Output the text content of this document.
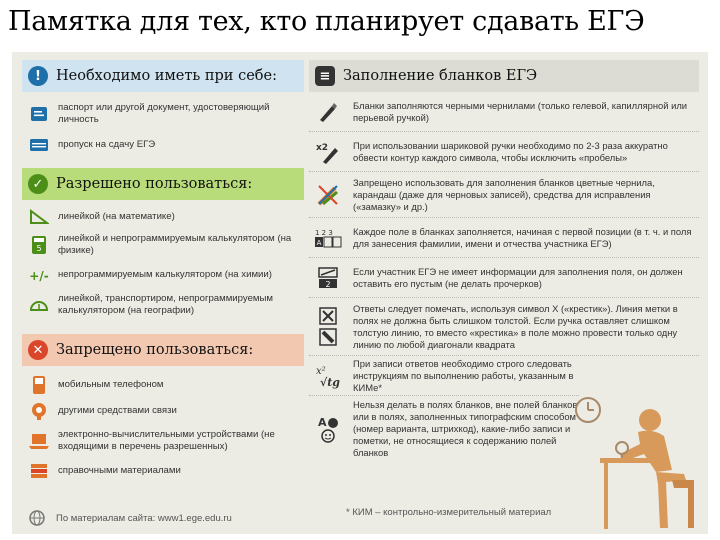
Памятка для тех, кто планирует сдавать ЕГЭ
!	Необходимо иметь при себе:
паспорт или другой документ, удостоверяющий личность
пропуск на сдачу ЕГЭ
✓ Разрешено пользоваться:
линейкой (на математике)
5
линейкой и непрограммируемым калькулятором (на физике)
+/- непрограммируемым калькулятором (на химии)
линейкой, транспортиром, непрограммируемым калькулятором (на географии)
✕ Запрещено пользоваться:
мобильным телефоном
другими средствами связи
электронно-вычислительными устройствами (не входящими в перечень разрешенных)
справочными материалами
По материалам сайта: www1.ege.edu.ru
≡ Заполнение бланков ЕГЭ
Бланки заполняются черными чернилами (только гелевой, капиллярной или перьевой ручкой)
x2	При использовании шариковой ручки необходимо по 2-3 раза аккуратно обвести контур каждого символа, чтобы исключить «пробелы»
Запрещено использовать для заполнения бланков цветные чернила, карандаш (даже для черновых записей), средства для исправления («замазку» и др.)
1 2 3
A
Каждое поле в бланках заполняется, начиная с первой позиции (в т. ч. и поля для занесения фамилии, имени и отчества участника ЕГЭ)
2
Если участник ЕГЭ не имеет информации для заполнения поля, он должен оставить его пустым (не делать прочерков)
Ответы следует помечать, используя символ X («крестик»). Линия метки в полях не должна быть слишком толстой. Если ручка оставляет слишком толстую линию, то вместо «крестика» в поле можно провести только одну линию по любой диагонали квадрата
x²
√tg
При записи ответов необходимо строго следовать инструкциям по выполнению работы, указанным в КИМе*
A
Нельзя делать в полях бланков, вне полей бланков или в полях, заполненных типографским способом (номер варианта, штрихкод), какие-либо записи и пометки, не относящиеся к содержанию полей бланков
* КИМ – контрольно-измерительный материал
